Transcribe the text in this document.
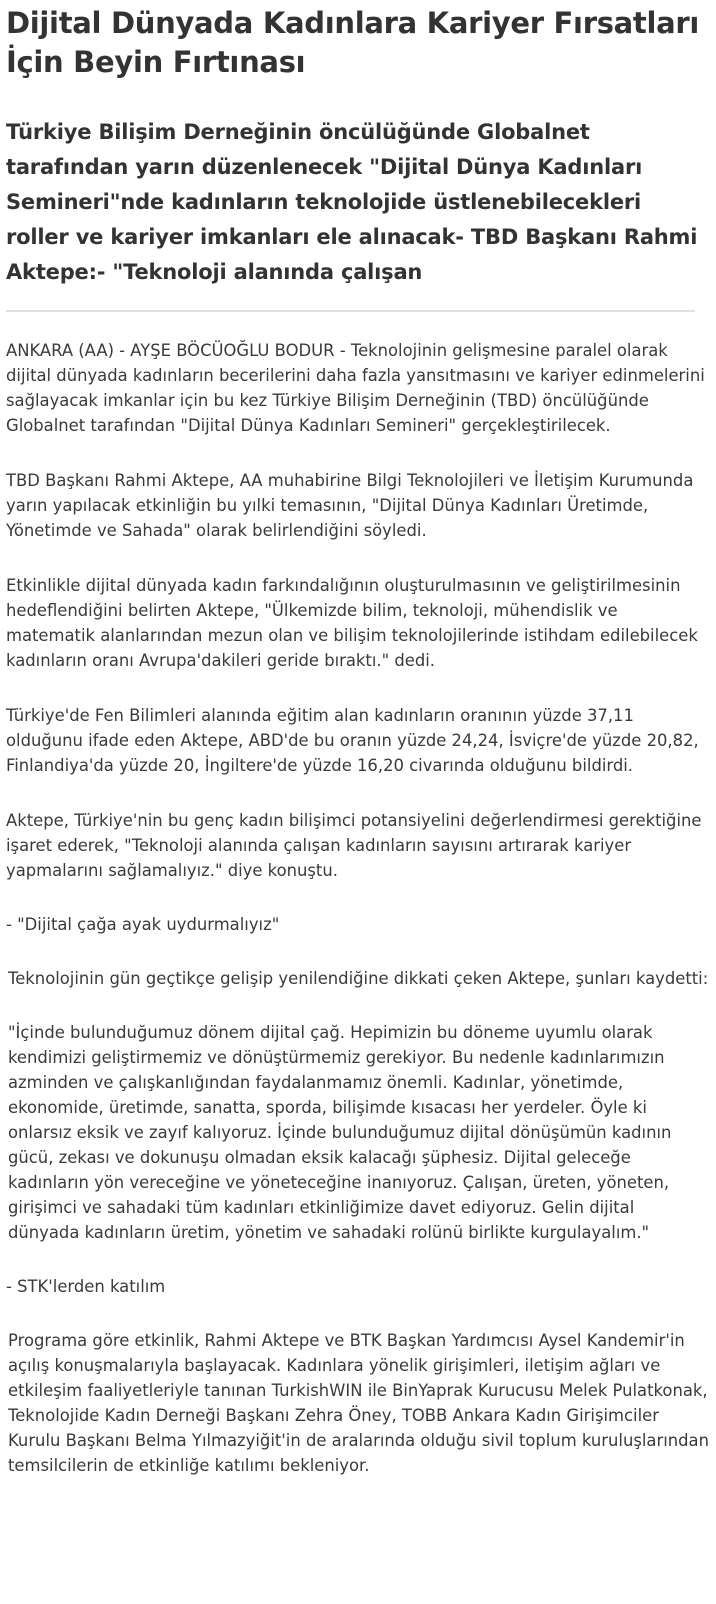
Dijital Dünyada Kadınlara Kariyer Fırsatları İçin Beyin Fırtınası
Türkiye Bilişim Derneğinin öncülüğünde Globalnet tarafından yarın düzenlenecek "Dijital Dünya Kadınları Semineri"nde kadınların teknolojide üstlenebilecekleri roller ve kariyer imkanları ele alınacak- TBD Başkanı Rahmi Aktepe:- "Teknoloji alanında çalışan

ANKARA (AA) - AYŞE BÖCÜOĞLU BODUR - Teknolojinin gelişmesine paralel olarak dijital dünyada kadınların becerilerini daha fazla yansıtmasını ve kariyer edinmelerini sağlayacak imkanlar için bu kez Türkiye Bilişim Derneğinin (TBD) öncülüğünde Globalnet tarafından "Dijital Dünya Kadınları Semineri" gerçekleştirilecek.

TBD Başkanı Rahmi Aktepe, AA muhabirine Bilgi Teknolojileri ve İletişim Kurumunda yarın yapılacak etkinliğin bu yılki temasının, "Dijital Dünya Kadınları Üretimde, Yönetimde ve Sahada" olarak belirlendiğini söyledi.

Etkinlikle dijital dünyada kadın farkındalığının oluşturulmasının ve geliştirilmesinin hedeflendiğini belirten Aktepe, "Ülkemizde bilim, teknoloji, mühendislik ve matematik alanlarından mezun olan ve bilişim teknolojilerinde istihdam edilebilecek kadınların oranı Avrupa'dakileri geride bıraktı." dedi.

Türkiye'de Fen Bilimleri alanında eğitim alan kadınların oranının yüzde 37,11 olduğunu ifade eden Aktepe, ABD'de bu oranın yüzde 24,24, İsviçre'de yüzde 20,82, Finlandiya'da yüzde 20, İngiltere'de yüzde 16,20 civarında olduğunu bildirdi.

Aktepe, Türkiye'nin bu genç kadın bilişimci potansiyelini değerlendirmesi gerektiğine işaret ederek, "Teknoloji alanında çalışan kadınların sayısını artırarak kariyer yapmalarını sağlamalıyız." diye konuştu.

- "Dijital çağa ayak uydurmalıyız"

Teknolojinin gün geçtikçe gelişip yenilendiğine dikkati çeken Aktepe, şunları kaydetti:

"İçinde bulunduğumuz dönem dijital çağ. Hepimizin bu döneme uyumlu olarak kendimizi geliştirmemiz ve dönüştürmemiz gerekiyor. Bu nedenle kadınlarımızın azminden ve çalışkanlığından faydalanmamız önemli. Kadınlar, yönetimde, ekonomide, üretimde, sanatta, sporda, bilişimde kısacası her yerdeler. Öyle ki onlarsız eksik ve zayıf kalıyoruz. İçinde bulunduğumuz dijital dönüşümün kadının gücü, zekası ve dokunuşu olmadan eksik kalacağı şüphesiz. Dijital geleceğe kadınların yön vereceğine ve yöneteceğine inanıyoruz. Çalışan, üreten, yöneten, girişimci ve sahadaki tüm kadınları etkinliğimize davet ediyoruz. Gelin dijital dünyada kadınların üretim, yönetim ve sahadaki rolünü birlikte kurgulayalım."

- STK'lerden katılım

Programa göre etkinlik, Rahmi Aktepe ve BTK Başkan Yardımcısı Aysel Kandemir'in açılış konuşmalarıyla başlayacak. Kadınlara yönelik girişimleri, iletişim ağları ve etkileşim faaliyetleriyle tanınan TurkishWIN ile BinYaprak Kurucusu Melek Pulatkonak, Teknolojide Kadın Derneği Başkanı Zehra Öney, TOBB Ankara Kadın Girişimciler Kurulu Başkanı Belma Yılmazyiğit'in de aralarında olduğu sivil toplum kuruluşlarından temsilcilerin de etkinliğe katılımı bekleniyor.
